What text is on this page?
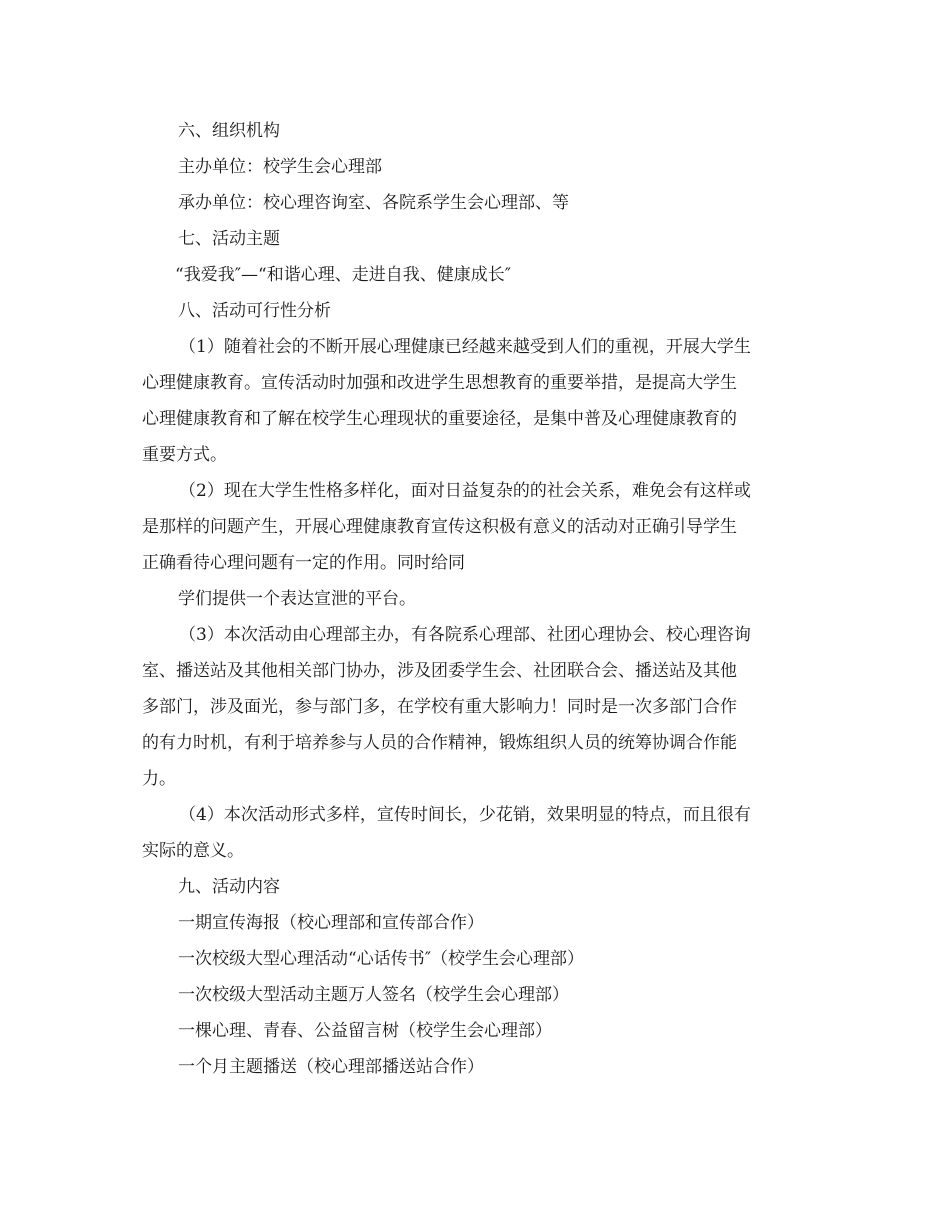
六、组织机构
主办单位：校学生会心理部
承办单位：校心理咨询室、各院系学生会心理部、等
七、活动主题
“我爱我″—“和谐心理、走进自我、健康成长″
八、活动可行性分析
（1）随着社会的不断开展心理健康已经越来越受到人们的重视，开展大学生
心理健康教育。宣传活动时加强和改进学生思想教育的重要举措，是提高大学生
心理健康教育和了解在校学生心理现状的重要途径，是集中普及心理健康教育的
重要方式。
（2）现在大学生性格多样化，面对日益复杂的的社会关系，难免会有这样或
是那样的问题产生，开展心理健康教育宣传这积极有意义的活动对正确引导学生
正确看待心理问题有一定的作用。同时给同
学们提供一个表达宣泄的平台。
（3）本次活动由心理部主办，有各院系心理部、社团心理协会、校心理咨询
室、播送站及其他相关部门协办，涉及团委学生会、社团联合会、播送站及其他
多部门，涉及面光，参与部门多，在学校有重大影响力！同时是一次多部门合作
的有力时机，有利于培养参与人员的合作精神，锻炼组织人员的统筹协调合作能
力。
（4）本次活动形式多样，宣传时间长，少花销，效果明显的特点，而且很有
实际的意义。
九、活动内容
一期宣传海报（校心理部和宣传部合作）
一次校级大型心理活动“心话传书″（校学生会心理部）
一次校级大型活动主题万人签名（校学生会心理部）
一棵心理、青春、公益留言树（校学生会心理部）
一个月主题播送（校心理部播送站合作）
